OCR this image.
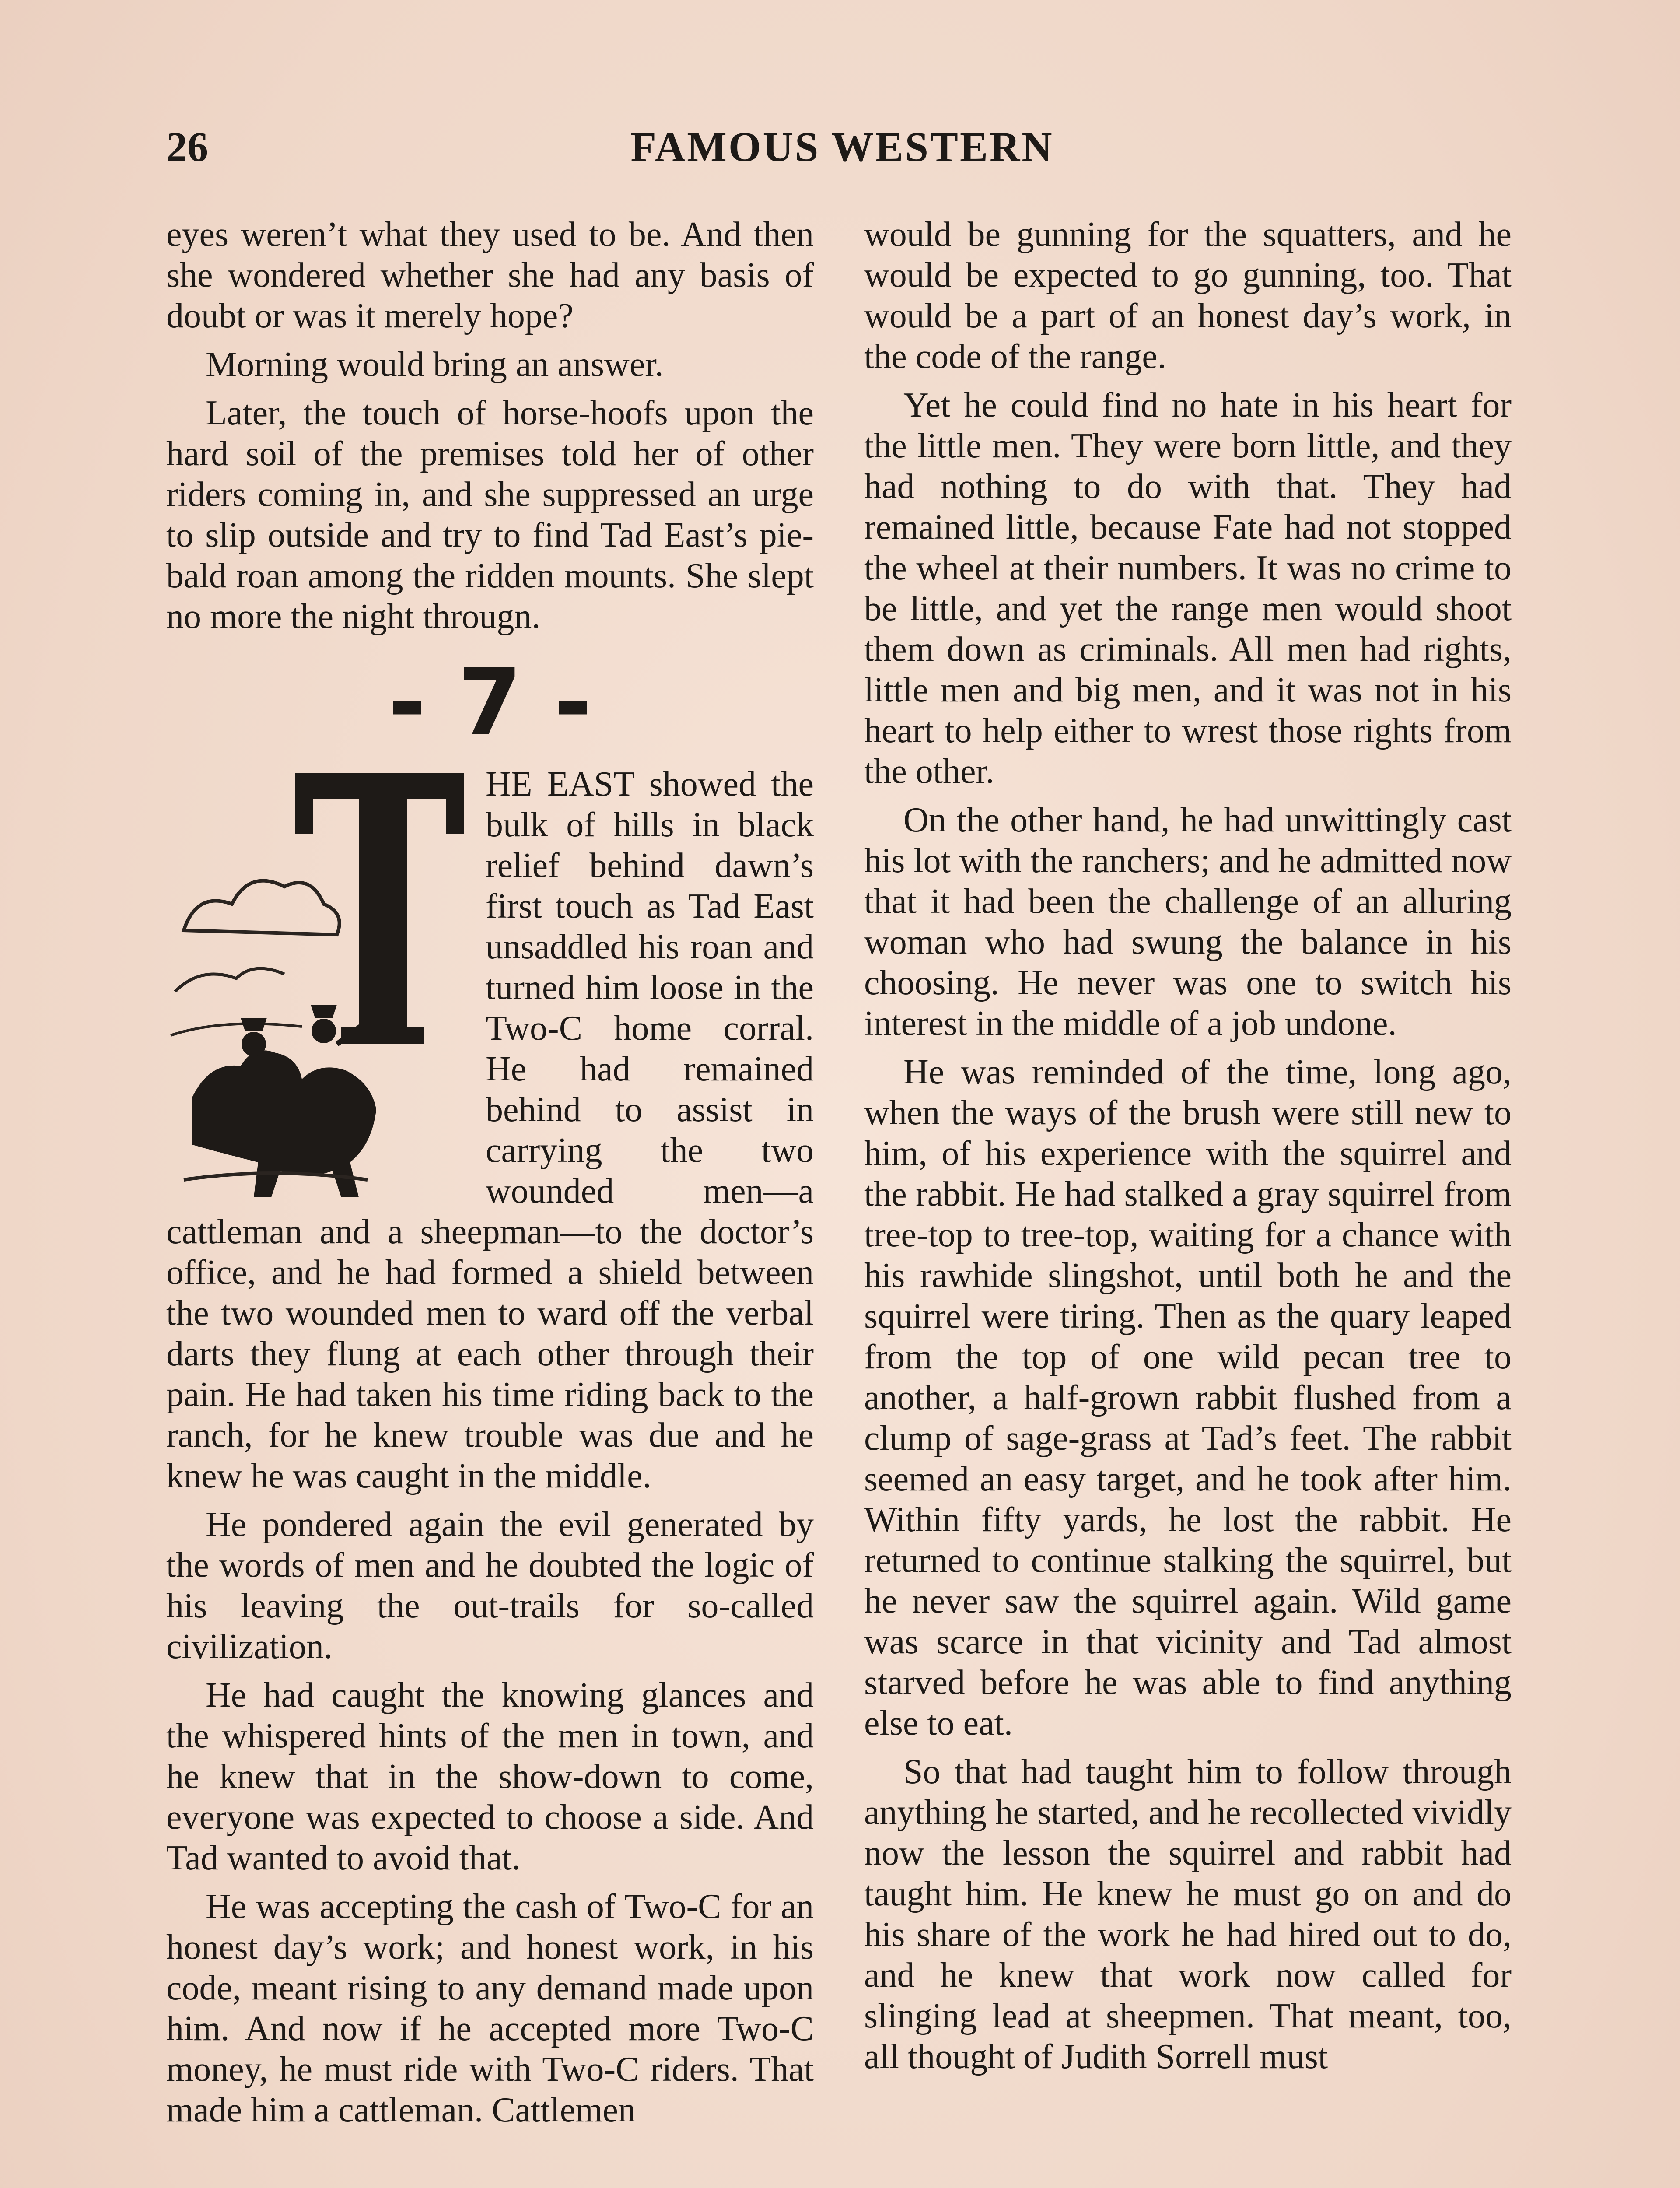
26	FAMOUS WESTERN

eyes weren’t what they used to be. And then she wondered whether she had any basis of doubt or was it merely hope?

Morning would bring an answer.

Later, the touch of horse-hoofs upon the hard soil of the premises told her of other riders coming in, and she suppressed an urge to slip outside and try to find Tad East’s pie-bald roan among the ridden mounts. She slept no more the night througn.

- 7 -

HE EAST showed the bulk of hills in black relief behind dawn’s first touch as Tad East unsaddled his roan and turned him loose in the Two-C home corral. He had remained behind to assist in carrying the two wounded men—a cattleman and a sheepman—to the doctor’s office, and he had formed a shield between the two wounded men to ward off the verbal darts they flung at each other through their pain. He had taken his time riding back to the ranch, for he knew trouble was due and he knew he was caught in the middle.

He pondered again the evil generated by the words of men and he doubted the logic of his leaving the out-trails for so-called civilization.

He had caught the knowing glances and the whispered hints of the men in town, and he knew that in the show-down to come, everyone was expected to choose a side. And Tad wanted to avoid that.

He was accepting the cash of Two-C for an honest day’s work; and honest work, in his code, meant rising to any demand made upon him. And now if he accepted more Two-C money, he must ride with Two-C riders. That made him a cattleman. Cattlemen

would be gunning for the squatters, and he would be expected to go gunning, too. That would be a part of an honest day’s work, in the code of the range.

Yet he could find no hate in his heart for the little men. They were born little, and they had nothing to do with that. They had remained little, because Fate had not stopped the wheel at their numbers. It was no crime to be little, and yet the range men would shoot them down as criminals. All men had rights, little men and big men, and it was not in his heart to help either to wrest those rights from the other.

On the other hand, he had unwittingly cast his lot with the ranchers; and he admitted now that it had been the challenge of an alluring woman who had swung the balance in his choosing. He never was one to switch his interest in the middle of a job undone.

He was reminded of the time, long ago, when the ways of the brush were still new to him, of his experience with the squirrel and the rabbit. He had stalked a gray squirrel from tree-top to tree-top, waiting for a chance with his rawhide slingshot, until both he and the squirrel were tiring. Then as the quary leaped from the top of one wild pecan tree to another, a half-grown rabbit flushed from a clump of sage-grass at Tad’s feet. The rabbit seemed an easy target, and he took after him. Within fifty yards, he lost the rabbit. He returned to continue stalking the squirrel, but he never saw the squirrel again. Wild game was scarce in that vicinity and Tad almost starved before he was able to find anything else to eat.

So that had taught him to follow through anything he started, and he recollected vividly now the lesson the squirrel and rabbit had taught him. He knew he must go on and do his share of the work he had hired out to do, and he knew that work now called for slinging lead at sheepmen. That meant, too, all thought of Judith Sorrell must
